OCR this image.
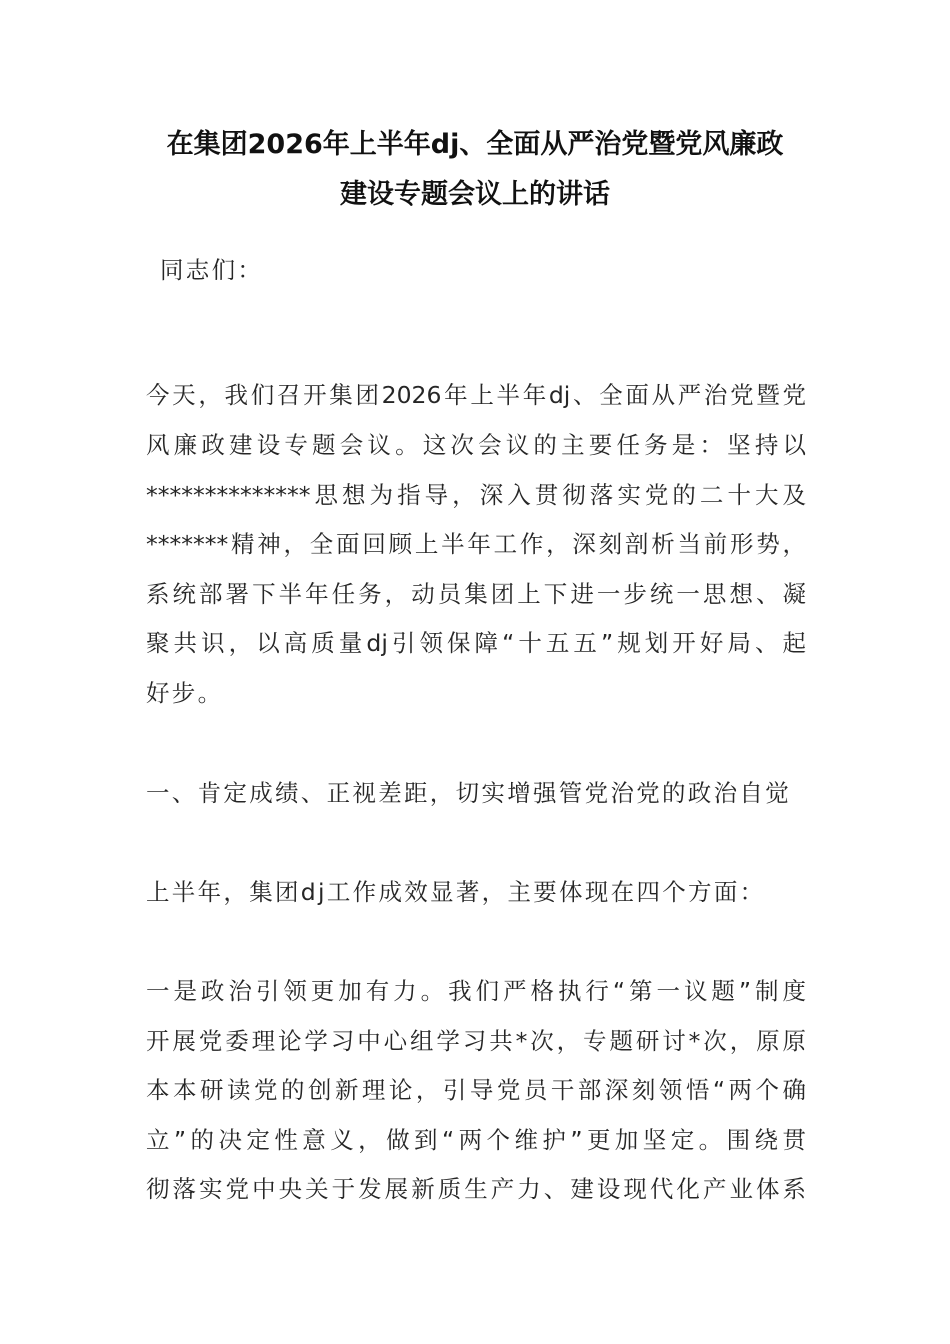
在集团2026年上半年dj、全面从严治党暨党风廉政
建设专题会议上的讲话
同志们：
今天，我们召开集团2026年上半年dj、全面从严治党暨党
风廉政建设专题会议。这次会议的主要任务是：坚持以
**************思想为指导，深入贯彻落实党的二十大及
*******精神，全面回顾上半年工作，深刻剖析当前形势，
系统部署下半年任务，动员集团上下进一步统一思想、凝
聚共识，以高质量dj引领保障“十五五”规划开好局、起
好步。
一、肯定成绩、正视差距，切实增强管党治党的政治自觉
上半年，集团dj工作成效显著，主要体现在四个方面：
一是政治引领更加有力。我们严格执行“第一议题”制度
开展党委理论学习中心组学习共*次，专题研讨*次，原原
本本研读党的创新理论，引导党员干部深刻领悟“两个确
立”的决定性意义，做到“两个维护”更加坚定。围绕贯
彻落实党中央关于发展新质生产力、建设现代化产业体系
